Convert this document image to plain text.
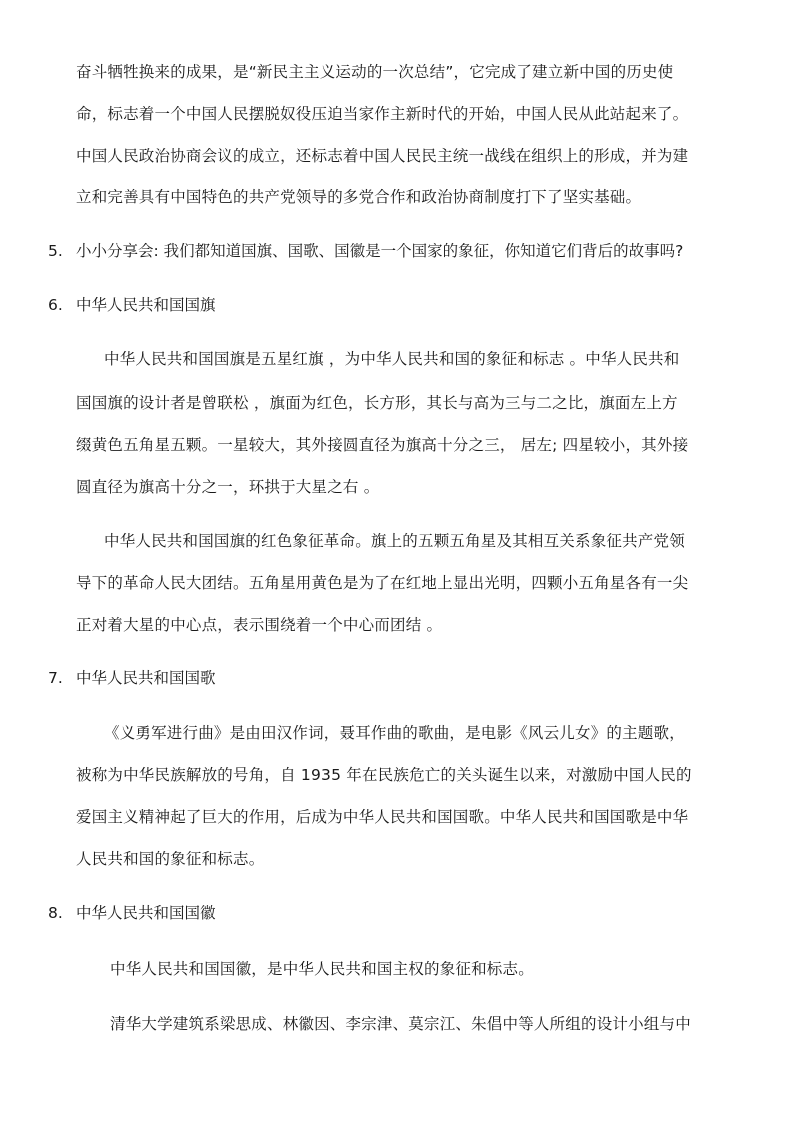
奋斗牺牲换来的成果，是“新民主主义运动的一次总结”，它完成了建立新中国的历史使
命，标志着一个中国人民摆脱奴役压迫当家作主新时代的开始，中国人民从此站起来了。
中国人民政治协商会议的成立，还标志着中国人民民主统一战线在组织上的形成，并为建
立和完善具有中国特色的共产党领导的多党合作和政治协商制度打下了坚实基础。
5. 小小分享会: 我们都知道国旗、国歌、国徽是一个国家的象征，你知道它们背后的故事吗?
6. 中华人民共和国国旗
中华人民共和国国旗是五星红旗 ，为中华人民共和国的象征和标志 。中华人民共和
国国旗的设计者是曾联松 ，旗面为红色，长方形，其长与高为三与二之比，旗面左上方
缀黄色五角星五颗。一星较大，其外接圆直径为旗高十分之三， 居左; 四星较小，其外接
圆直径为旗高十分之一，环拱于大星之右 。
中华人民共和国国旗的红色象征革命。旗上的五颗五角星及其相互关系象征共产党领
导下的革命人民大团结。五角星用黄色是为了在红地上显出光明，四颗小五角星各有一尖
正对着大星的中心点，表示围绕着一个中心而团结 。
7. 中华人民共和国国歌
《义勇军进行曲》是由田汉作词，聂耳作曲的歌曲，是电影《风云儿女》的主题歌，
被称为中华民族解放的号角，自 1935 年在民族危亡的关头诞生以来，对激励中国人民的
爱国主义精神起了巨大的作用，后成为中华人民共和国国歌。中华人民共和国国歌是中华
人民共和国的象征和标志。
8. 中华人民共和国国徽
中华人民共和国国徽，是中华人民共和国主权的象征和标志。
清华大学建筑系梁思成、林徽因、李宗津、莫宗江、朱倡中等人所组的设计小组与中
